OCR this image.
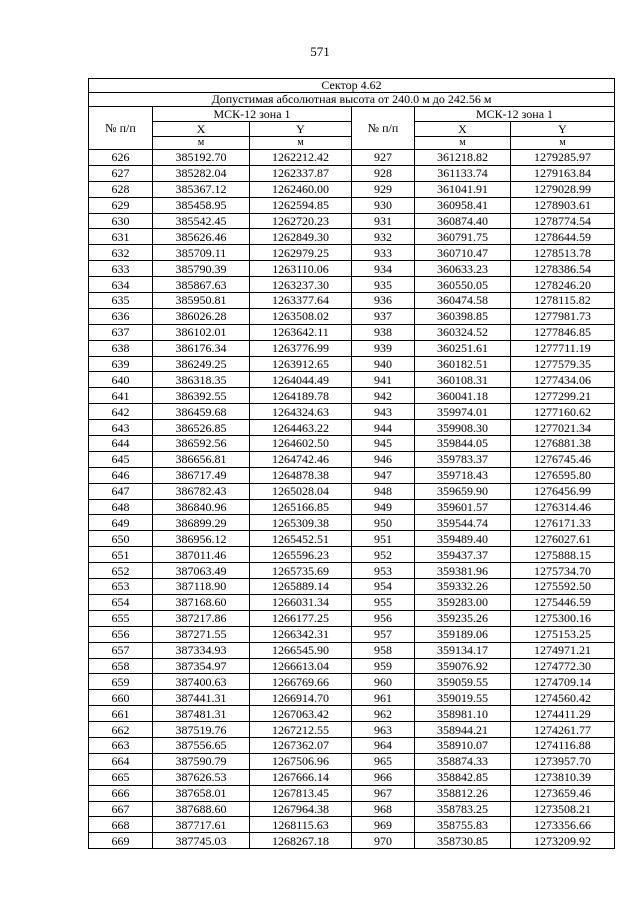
571
Сектор 4.62					
Допустимая абсолютная высота от 240.0 м до 242.56 м					
№ п/п	МСК-12 зона 1		№ п/п	МСК-12 зона 1	
	X	Y		X	Y
	м	м		м	м
626	385192.70	1262212.42	927	361218.82	1279285.97
627	385282.04	1262337.87	928	361133.74	1279163.84
628	385367.12	1262460.00	929	361041.91	1279028.99
629	385458.95	1262594.85	930	360958.41	1278903.61
630	385542.45	1262720.23	931	360874.40	1278774.54
631	385626.46	1262849.30	932	360791.75	1278644.59
632	385709.11	1262979.25	933	360710.47	1278513.78
633	385790.39	1263110.06	934	360633.23	1278386.54
634	385867.63	1263237.30	935	360550.05	1278246.20
635	385950.81	1263377.64	936	360474.58	1278115.82
636	386026.28	1263508.02	937	360398.85	1277981.73
637	386102.01	1263642.11	938	360324.52	1277846.85
638	386176.34	1263776.99	939	360251.61	1277711.19
639	386249.25	1263912.65	940	360182.51	1277579.35
640	386318.35	1264044.49	941	360108.31	1277434.06
641	386392.55	1264189.78	942	360041.18	1277299.21
642	386459.68	1264324.63	943	359974.01	1277160.62
643	386526.85	1264463.22	944	359908.30	1277021.34
644	386592.56	1264602.50	945	359844.05	1276881.38
645	386656.81	1264742.46	946	359783.37	1276745.46
646	386717.49	1264878.38	947	359718.43	1276595.80
647	386782.43	1265028.04	948	359659.90	1276456.99
648	386840.96	1265166.85	949	359601.57	1276314.46
649	386899.29	1265309.38	950	359544.74	1276171.33
650	386956.12	1265452.51	951	359489.40	1276027.61
651	387011.46	1265596.23	952	359437.37	1275888.15
652	387063.49	1265735.69	953	359381.96	1275734.70
653	387118.90	1265889.14	954	359332.26	1275592.50
654	387168.60	1266031.34	955	359283.00	1275446.59
655	387217.86	1266177.25	956	359235.26	1275300.16
656	387271.55	1266342.31	957	359189.06	1275153.25
657	387334.93	1266545.90	958	359134.17	1274971.21
658	387354.97	1266613.04	959	359076.92	1274772.30
659	387400.63	1266769.66	960	359059.55	1274709.14
660	387441.31	1266914.70	961	359019.55	1274560.42
661	387481.31	1267063.42	962	358981.10	1274411.29
662	387519.76	1267212.55	963	358944.21	1274261.77
663	387556.65	1267362.07	964	358910.07	1274116.88
664	387590.79	1267506.96	965	358874.33	1273957.70
665	387626.53	1267666.14	966	358842.85	1273810.39
666	387658.01	1267813.45	967	358812.26	1273659.46
667	387688.60	1267964.38	968	358783.25	1273508.21
668	387717.61	1268115.63	969	358755.83	1273356.66
669	387745.03	1268267.18	970	358730.85	1273209.92
